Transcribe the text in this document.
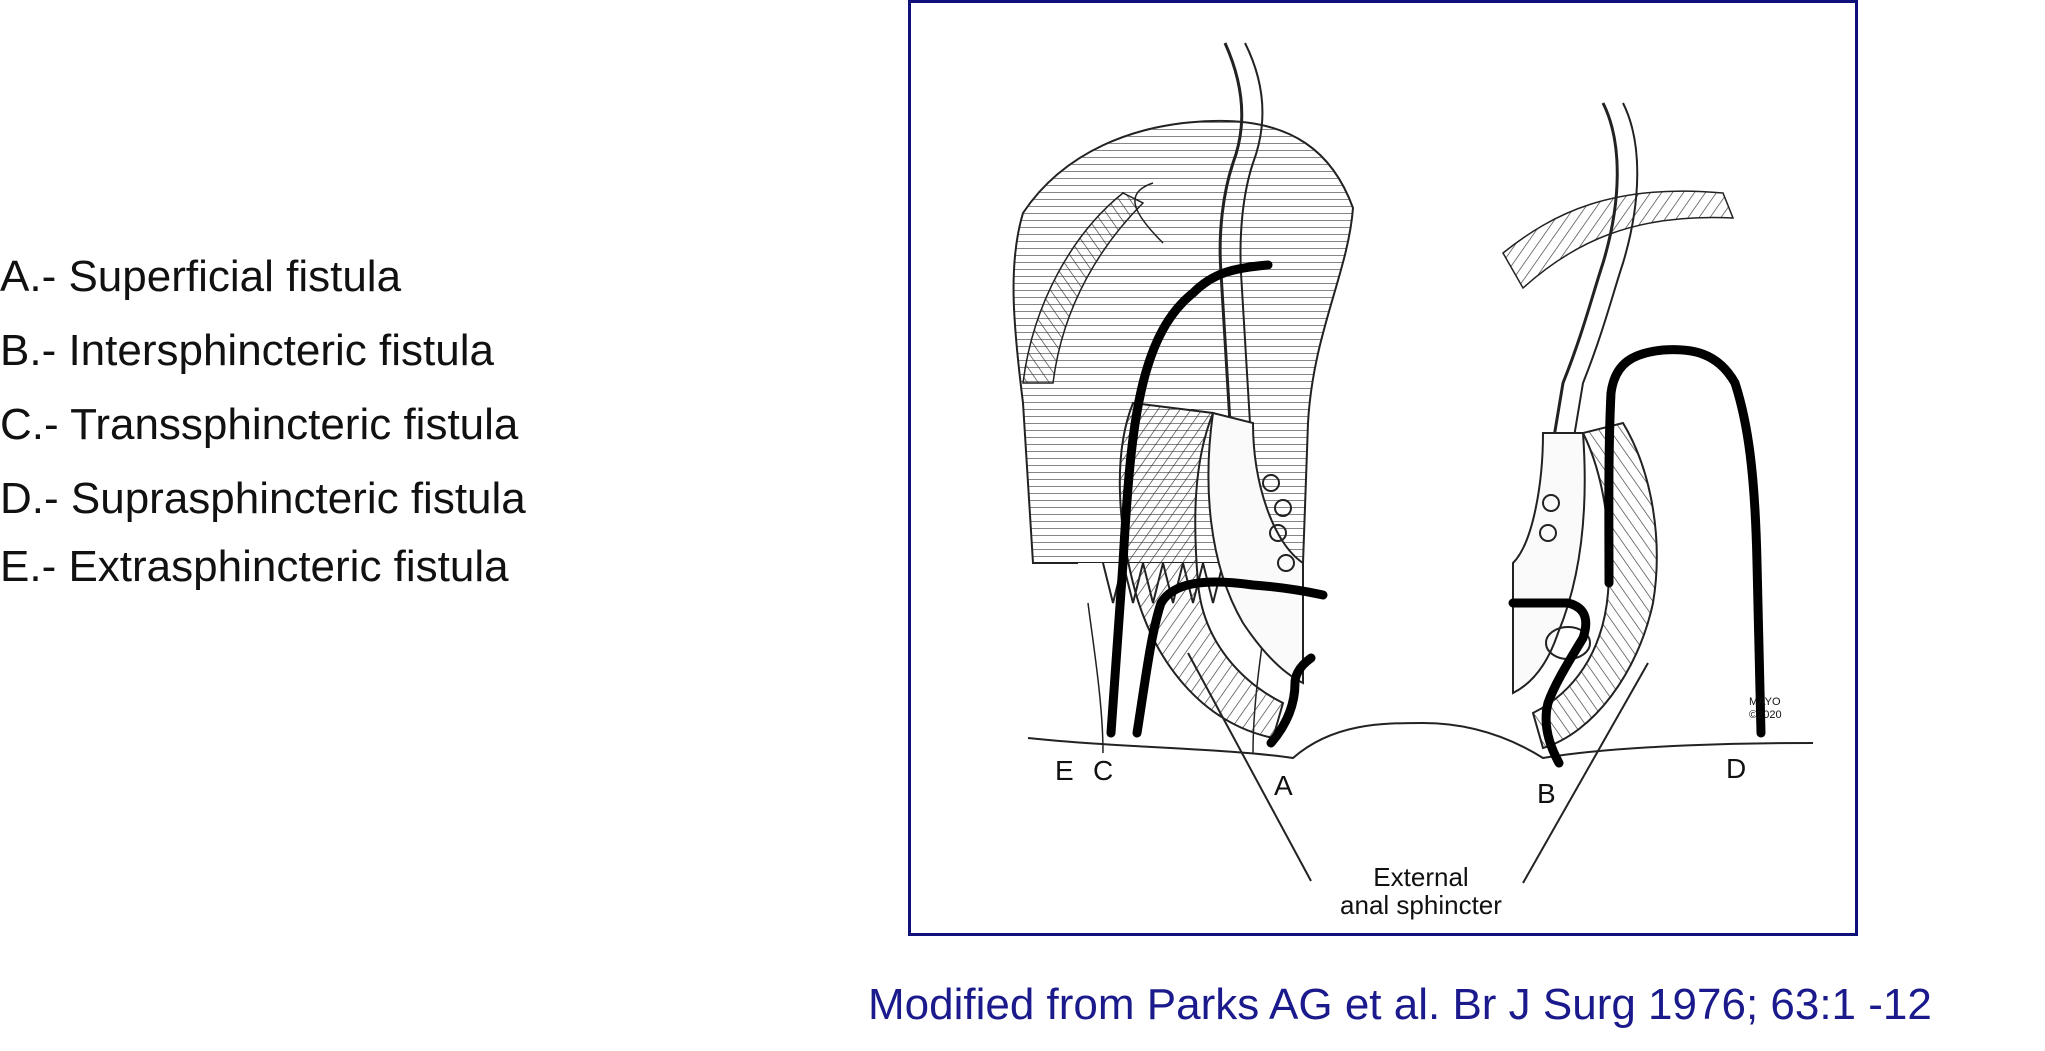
A.- Superficial fistula
B.- Intersphincteric fistula
C.- Transsphincteric fistula
D.- Suprasphincteric fistula
E.- Extrasphincteric fistula
E C	A	B
D
External
anal sphincter
MAYO
©2020
Modified from Parks AG et al. Br J Surg 1976; 63:1 -12
